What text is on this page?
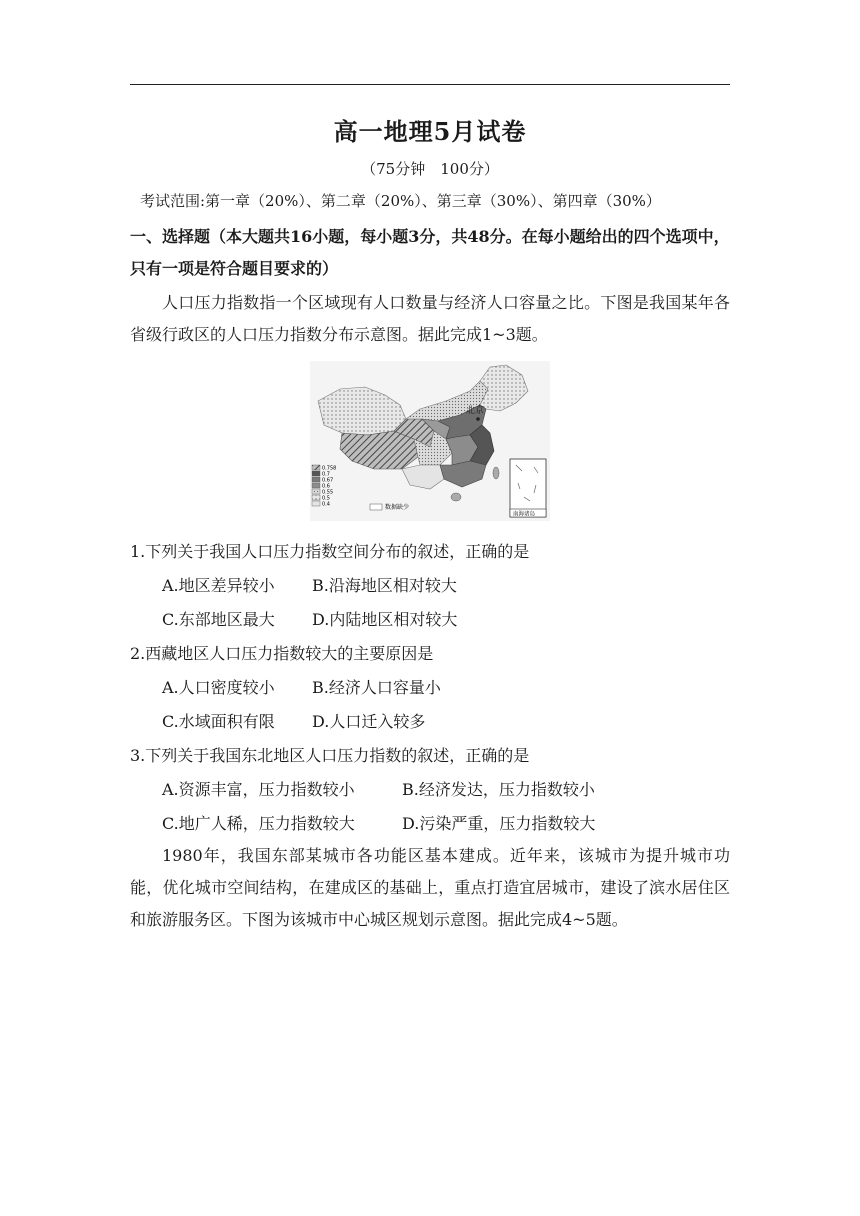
高一地理5月试卷
（75分钟　100分）
考试范围:第一章（20%）、第二章（20%）、第三章（30%）、第四章（30%）
一、选择题（本大题共16小题，每小题3分，共48分。在每小题给出的四个选项中，只有一项是符合题目要求的）
人口压力指数指一个区域现有人口数量与经济人口容量之比。下图是我国某年各省级行政区的人口压力指数分布示意图。据此完成1~3题。
北京
0.758
0.7
0.67
0.6
0.55
0.5
0.4	数据缺少
南海诸岛
1.下列关于我国人口压力指数空间分布的叙述，正确的是
A.地区差异较小 B.沿海地区相对较大
C.东部地区最大 D.内陆地区相对较大
2.西藏地区人口压力指数较大的主要原因是
A.人口密度较小 B.经济人口容量小
C.水域面积有限 D.人口迁入较多
3.下列关于我国东北地区人口压力指数的叙述，正确的是
A.资源丰富，压力指数较小	B.经济发达，压力指数较小
C.地广人稀，压力指数较大	D.污染严重，压力指数较大
1980年，我国东部某城市各功能区基本建成。近年来，该城市为提升城市功能，优化城市空间结构，在建成区的基础上，重点打造宜居城市，建设了滨水居住区和旅游服务区。下图为该城市中心城区规划示意图。据此完成4~5题。
